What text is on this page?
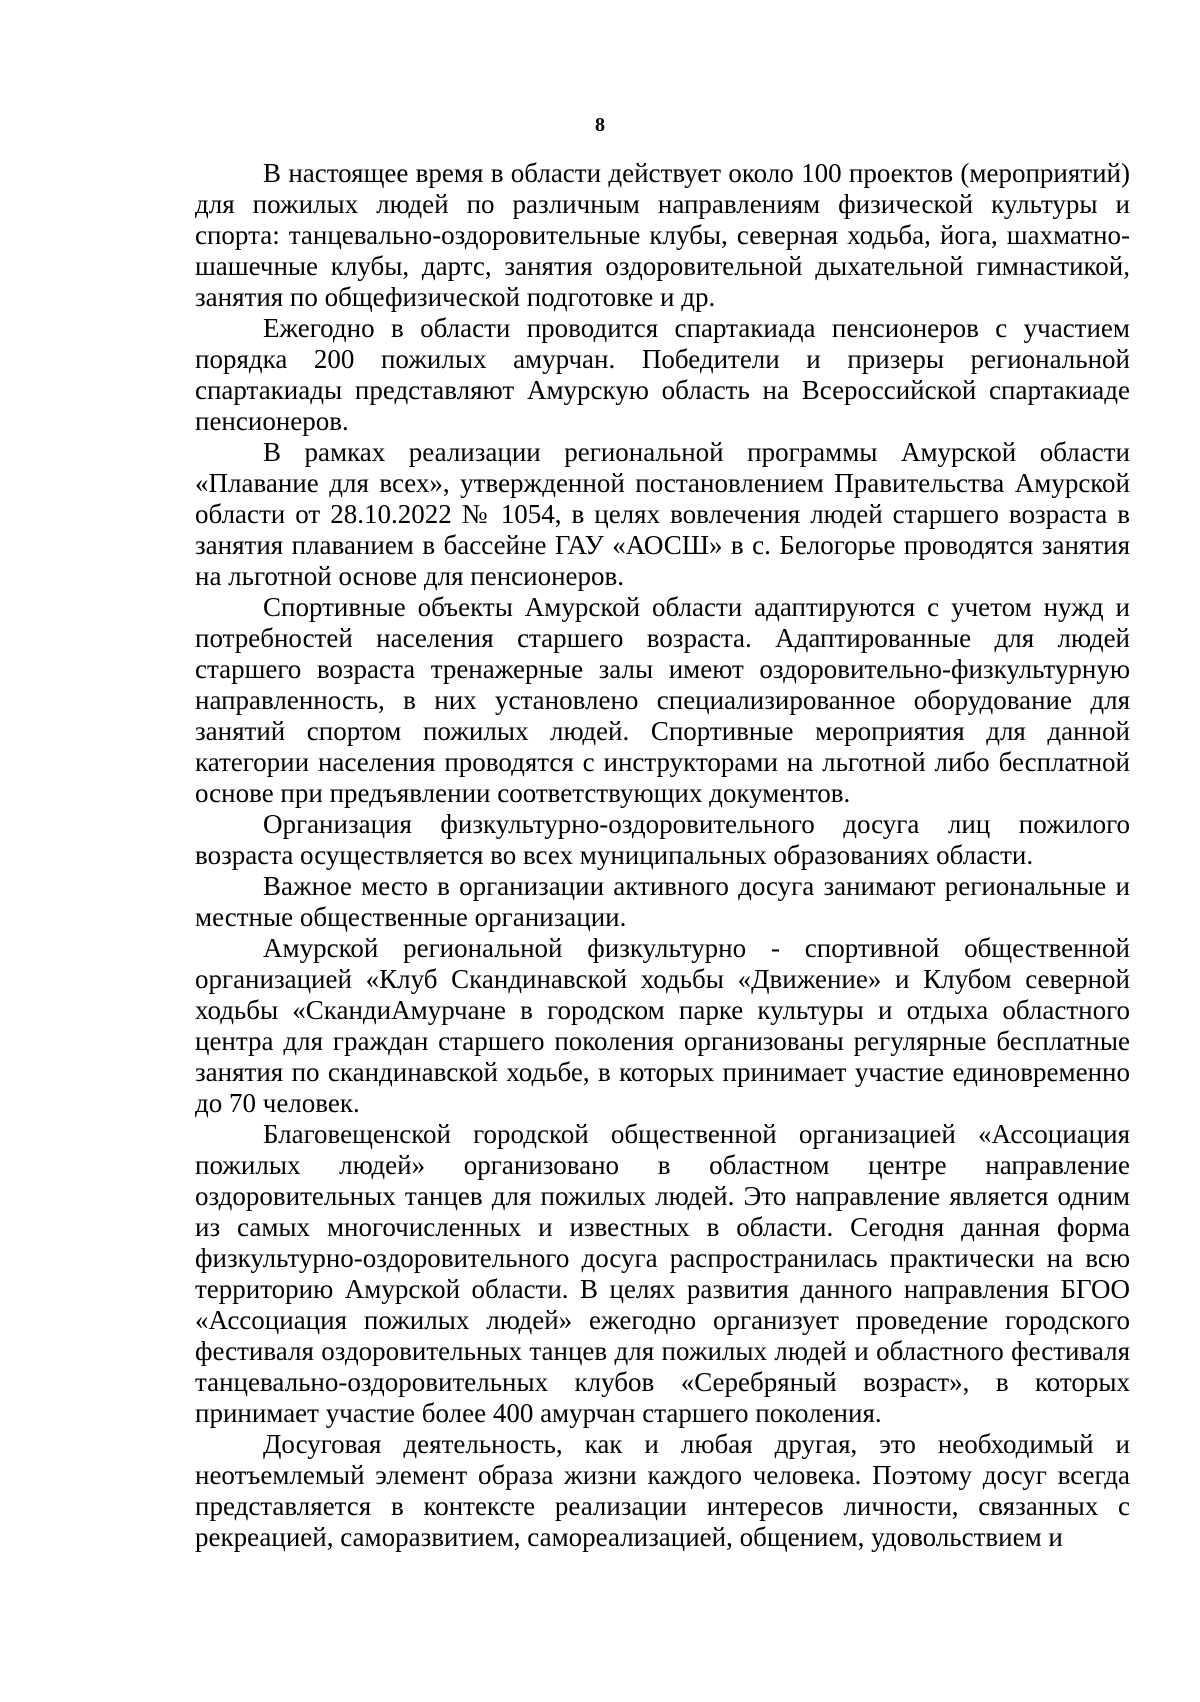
8

В настоящее время в области действует около 100 проектов (мероприятий) для пожилых людей по различным направлениям физической культуры и спорта: танцевально-оздоровительные клубы, северная ходьба, йога, шахматно-шашечные клубы, дартс, занятия оздоровительной дыхательной гимнастикой, занятия по общефизической подготовке и др.

Ежегодно в области проводится спартакиада пенсионеров с участием порядка 200 пожилых амурчан. Победители и призеры региональной спартакиады представляют Амурскую область на Всероссийской спартакиаде пенсионеров.

В рамках реализации региональной программы Амурской области «Плавание для всех», утвержденной постановлением Правительства Амурской области от 28.10.2022 № 1054, в целях вовлечения людей старшего возраста в занятия плаванием в бассейне ГАУ «АОСШ» в с. Белогорье проводятся занятия на льготной основе для пенсионеров.

Спортивные объекты Амурской области адаптируются с учетом нужд и потребностей населения старшего возраста. Адаптированные для людей старшего возраста тренажерные залы имеют оздоровительно-физкультурную направленность, в них установлено специализированное оборудование для занятий спортом пожилых людей. Спортивные мероприятия для данной категории населения проводятся с инструкторами на льготной либо бесплатной основе при предъявлении соответствующих документов.

Организация физкультурно-оздоровительного досуга лиц пожилого возраста осуществляется во всех муниципальных образованиях области.

Важное место в организации активного досуга занимают региональные и местные общественные организации.

Амурской региональной физкультурно - спортивной общественной организацией «Клуб Скандинавской ходьбы «Движение» и Клубом северной ходьбы «СкандиАмурчане в городском парке культуры и отдыха областного центра для граждан старшего поколения организованы регулярные бесплатные занятия по скандинавской ходьбе, в которых принимает участие единовременно до 70 человек.

Благовещенской городской общественной организацией «Ассоциация пожилых людей» организовано в областном центре направление оздоровительных танцев для пожилых людей. Это направление является одним из самых многочисленных и известных в области. Сегодня данная форма физкультурно-оздоровительного досуга распространилась практически на всю территорию Амурской области. В целях развития данного направления БГОО «Ассоциация пожилых людей» ежегодно организует проведение городского фестиваля оздоровительных танцев для пожилых людей и областного фестиваля танцевально-оздоровительных клубов «Серебряный возраст», в которых принимает участие более 400 амурчан старшего поколения.

Досуговая деятельность, как и любая другая, это необходимый и неотъемлемый элемент образа жизни каждого человека. Поэтому досуг всегда представляется в контексте реализации интересов личности, связанных с рекреацией, саморазвитием, самореализацией, общением, удовольствием и
